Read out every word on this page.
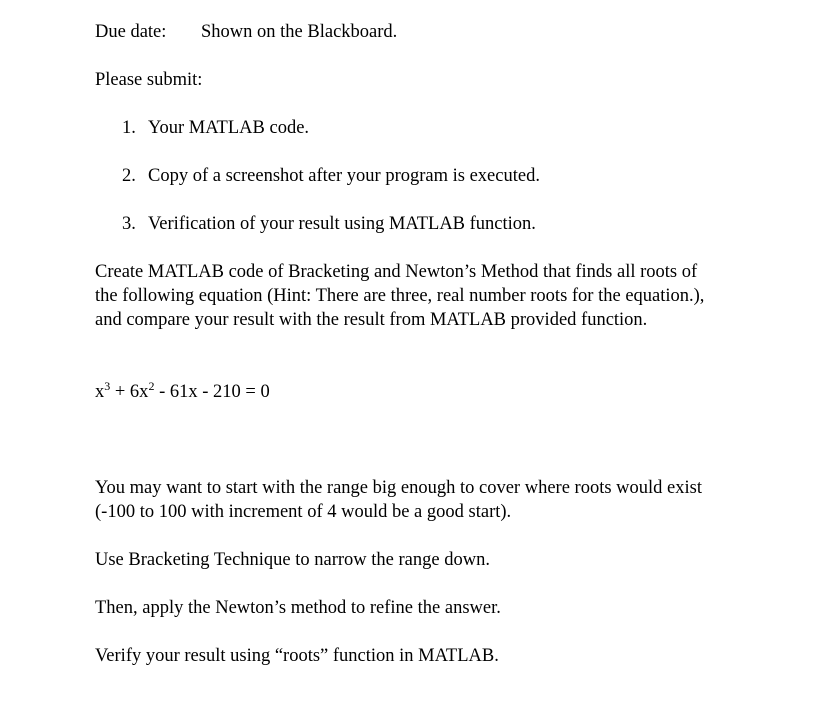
Due date: Shown on the Blackboard.
Please submit:
1. Your MATLAB code.
2. Copy of a screenshot after your program is executed.
3. Verification of your result using MATLAB function.
Create MATLAB code of Bracketing and Newton’s Method that finds all roots of
the following equation (Hint: There are three, real number roots for the equation.),
and compare your result with the result from MATLAB provided function.
$x^3 + 6x^2 - 61x - 210 = 0$
You may want to start with the range big enough to cover where roots would exist
(-100 to 100 with increment of 4 would be a good start).
Use Bracketing Technique to narrow the range down.
Then, apply the Newton’s method to refine the answer.
Verify your result using “roots” function in MATLAB.
